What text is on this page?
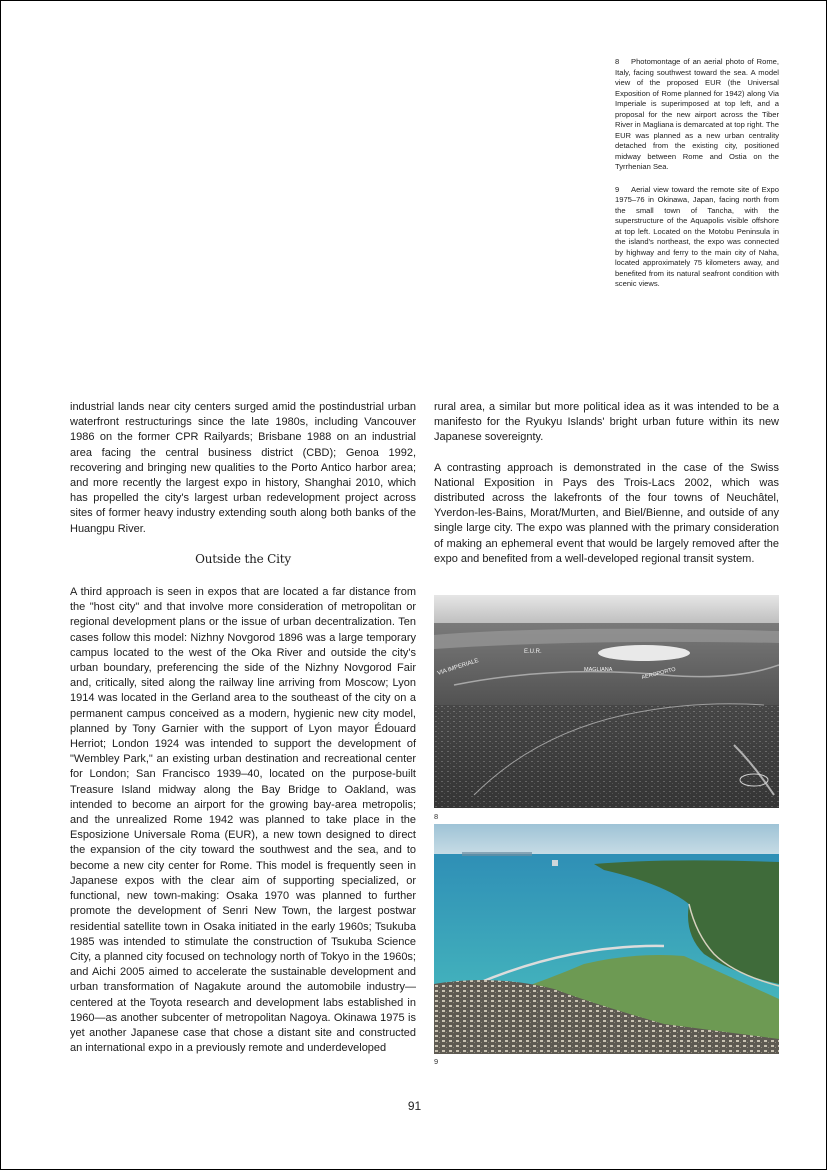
8 Photomontage of an aerial photo of Rome, Italy, facing southwest toward the sea. A model view of the proposed EUR (the Universal Exposition of Rome planned for 1942) along Via Imperiale is superimposed at top left, and a proposal for the new airport across the Tiber River in Magliana is demarcated at top right. The EUR was planned as a new urban centrality detached from the existing city, positioned midway between Rome and Ostia on the Tyrrhenian Sea.

9 Aerial view toward the remote site of Expo 1975–76 in Okinawa, Japan, facing north from the small town of Tancha, with the superstructure of the Aquapolis visible offshore at top left. Located on the Motobu Peninsula in the island's northeast, the expo was connected by highway and ferry to the main city of Naha, located approximately 75 kilometers away, and benefited from its natural seafront condition with scenic views.

industrial lands near city centers surged amid the postindustrial urban waterfront restructurings since the late 1980s, including Vancouver 1986 on the former CPR Railyards; Brisbane 1988 on an industrial area facing the central business district (CBD); Genoa 1992, recovering and bringing new qualities to the Porto Antico harbor area; and more recently the largest expo in history, Shanghai 2010, which has propelled the city's largest urban redevelopment project across sites of former heavy industry extending south along both banks of the Huangpu River.

Outside the City

A third approach is seen in expos that are located a far distance from the "host city" and that involve more consideration of metropolitan or regional development plans or the issue of urban decentralization. Ten cases follow this model: Nizhny Novgorod 1896 was a large temporary campus located to the west of the Oka River and outside the city's urban boundary, preferencing the side of the Nizhny Novgorod Fair and, critically, sited along the railway line arriving from Moscow; Lyon 1914 was located in the Gerland area to the southeast of the city on a permanent campus conceived as a modern, hygienic new city model, planned by Tony Garnier with the support of Lyon mayor Édouard Herriot; London 1924 was intended to support the development of "Wembley Park," an existing urban destination and recreational center for London; San Francisco 1939–40, located on the purpose-built Treasure Island midway along the Bay Bridge to Oakland, was intended to become an airport for the growing bay-area metropolis; and the unrealized Rome 1942 was planned to take place in the Esposizione Universale Roma (EUR), a new town designed to direct the expansion of the city toward the southwest and the sea, and to become a new city center for Rome. This model is frequently seen in Japanese expos with the clear aim of supporting specialized, or functional, new town-making: Osaka 1970 was planned to further promote the development of Senri New Town, the largest postwar residential satellite town in Osaka initiated in the early 1960s; Tsukuba 1985 was intended to stimulate the construction of Tsukuba Science City, a planned city focused on technology north of Tokyo in the 1960s; and Aichi 2005 aimed to accelerate the sustainable development and urban transformation of Nagakute around the automobile industry—centered at the Toyota research and development labs established in 1960—as another subcenter of metropolitan Nagoya. Okinawa 1975 is yet another Japanese case that chose a distant site and constructed an international expo in a previously remote and underdeveloped

rural area, a similar but more political idea as it was intended to be a manifesto for the Ryukyu Islands' bright urban future within its new Japanese sovereignty.

A contrasting approach is demonstrated in the case of the Swiss National Exposition in Pays des Trois-Lacs 2002, which was distributed across the lakefronts of the four towns of Neuchâtel, Yverdon-les-Bains, Morat/Murten, and Biel/Bienne, and outside of any single large city. The expo was planned with the primary consideration of making an ephemeral event that would be largely removed after the expo and benefited from a well-developed regional transit system.

VIA IMPERIALE
E.U.R.
MAGLIANA	AEROPORTO
8
9
91
